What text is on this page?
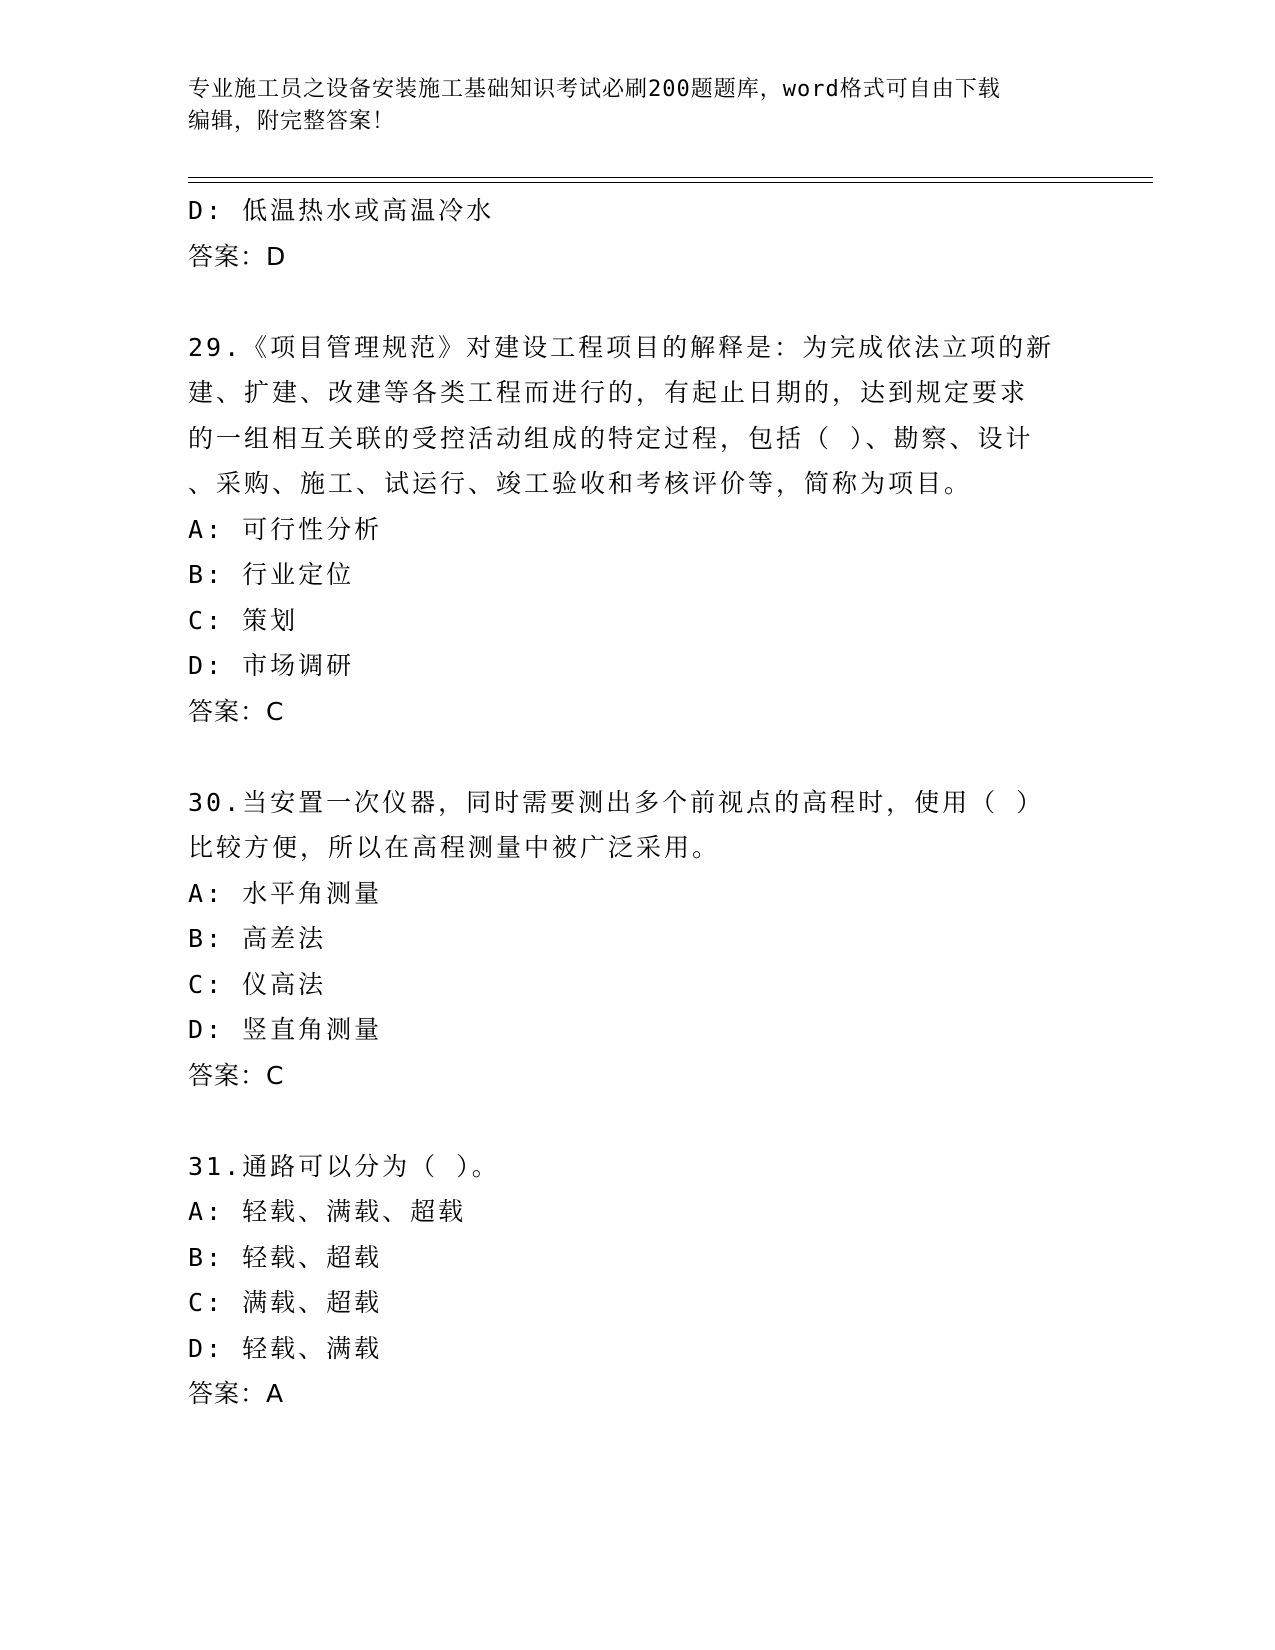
专业施工员之设备安装施工基础知识考试必刷200题题库，word格式可自由下载
编辑，附完整答案！
D: 低温热水或高温冷水
答案：D
29.《项目管理规范》对建设工程项目的解释是：为完成依法立项的新
建、扩建、改建等各类工程而进行的，有起止日期的，达到规定要求
的一组相互关联的受控活动组成的特定过程，包括（ ）、勘察、设计
、采购、施工、试运行、竣工验收和考核评价等，简称为项目。
A: 可行性分析
B: 行业定位
C: 策划
D: 市场调研
答案：C
30.当安置一次仪器，同时需要测出多个前视点的高程时，使用（ ）
比较方便，所以在高程测量中被广泛采用。
A: 水平角测量
B: 高差法
C: 仪高法
D: 竖直角测量
答案：C
31.通路可以分为（ ）。
A: 轻载、满载、超载
B: 轻载、超载
C: 满载、超载
D: 轻载、满载
答案：A
